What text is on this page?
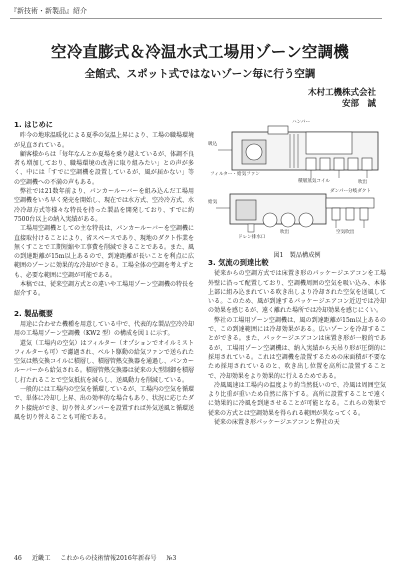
『新技術・新製品』紹介
空冷直膨式＆冷温水式工場用ゾーン空調機
全館式、スポット式ではないゾーン毎に行う空調
木村工機株式会社
安部　誠
1. はじめに

昨今の地球温暖化による夏季の気温上昇により、工場の職場環境が見直されている。

顧客様からは「毎年なんとか夏場を乗り越えているが、体調不良者も増加しており、職場環境の改善に取り組みたい」との声が多く、中には「すでに空調機を設置しているが、風が届かない」等の空調機への不満の声もある。

弊社では21数年前より、パンカールーバーを組み込んだ工場用空調機をいち早く発売を開始し、現在では水方式、空冷冷方式、水冷冷却方式等様々な特長を持った製品を開発しており、すでに約7500台以上の納入実績がある。

工場用空調機としての主な特長は、パンカールーバーを空調機に直接取付けることにより、省スペースであり、現地のダクト作業を無くすことで工期短縮や工事費を削減できることである。また、風の到達距離が15m以上あるので、到達距離が長いことを利点に広範囲のゾーンに効果的な冷却ができる。工場全体の空調を考えずとも、必要な範囲に空調が可能である。

本稿では、従来空調方式との違いや工場用ゾーン空調機の特長を紹介する。

2. 製品概要

用途に合わせた機種を用意している中で、代表的な製品空冷冷却用の工場用ゾーン空調機（KW2 型）の構成を図１に示す。

還気（工場内の空気）はフィルター（オプションでオイルミストフィルターも可）で濾過され、ベルト駆動の給気ファンで送られた空気は熱交換コイルに積層し、積層管熱交換器を通過し、パンカールーバーから給気される。積層管熱交換器は従来の大型制御を積層し打たれることで空気抵抗を減らし、送風動力を削減している。

一般的には工場内の空気を循環しているが、工場内の空気を循環で、単体に冷却し上昇、出の効率的な場合もあり、状況に応じたダクト接続ができ、切り替えダンパーを設置すれば外気送風と循環送風を切り替えることも可能である。

ハンバー
吸込
フィルター・給気ファン
積層蒸気コイル	吹出
給気
ダンパー 分岐ダクト
吹出	空気吹出
ドレン排水口
図1　製品構成例
3. 気流の到達比較

従来からの空調方式では床置き形のパッケージエアコンを工場外壁に沿って配置しており、空調機周囲の空気を吸い込み、本体上部に組み込まれている吹き出しより冷却された空気を送風している。このため、風が到達するパッケージエアコン近辺では冷却の効果を感じるが、遠く離れた場所では冷却効果を感じにくい。

弊社の工場用ゾーン空調機は、風の到達距離が15m以上あるので、この到達範囲には冷却効果がある。広いゾーンを冷却することができる。また、パッケージエアコンは床置き形が一般的であるが、工場用ゾーン空調機は、納入実績から天吊り形が圧倒的に採用されている。これは空調機を設置するための床面積が不要なため採用されているのと、吹き出し位置を高所に設置することで、冷却効果をより効果的に行えるためである。

冷風風速は工場内の温度より約当然低いので、冷風は周囲空気より比重が重いため自然に落下する。高所に設置することで遠くに効果的に冷風を到達させることが可能となる。これらの効果で従来の方式とは空調効果を得られる範囲が異なってくる。

従来の床置き形パッケージエアコンと弊社の天

46 近畿工 これからの技術情報2016年新春号 №3
